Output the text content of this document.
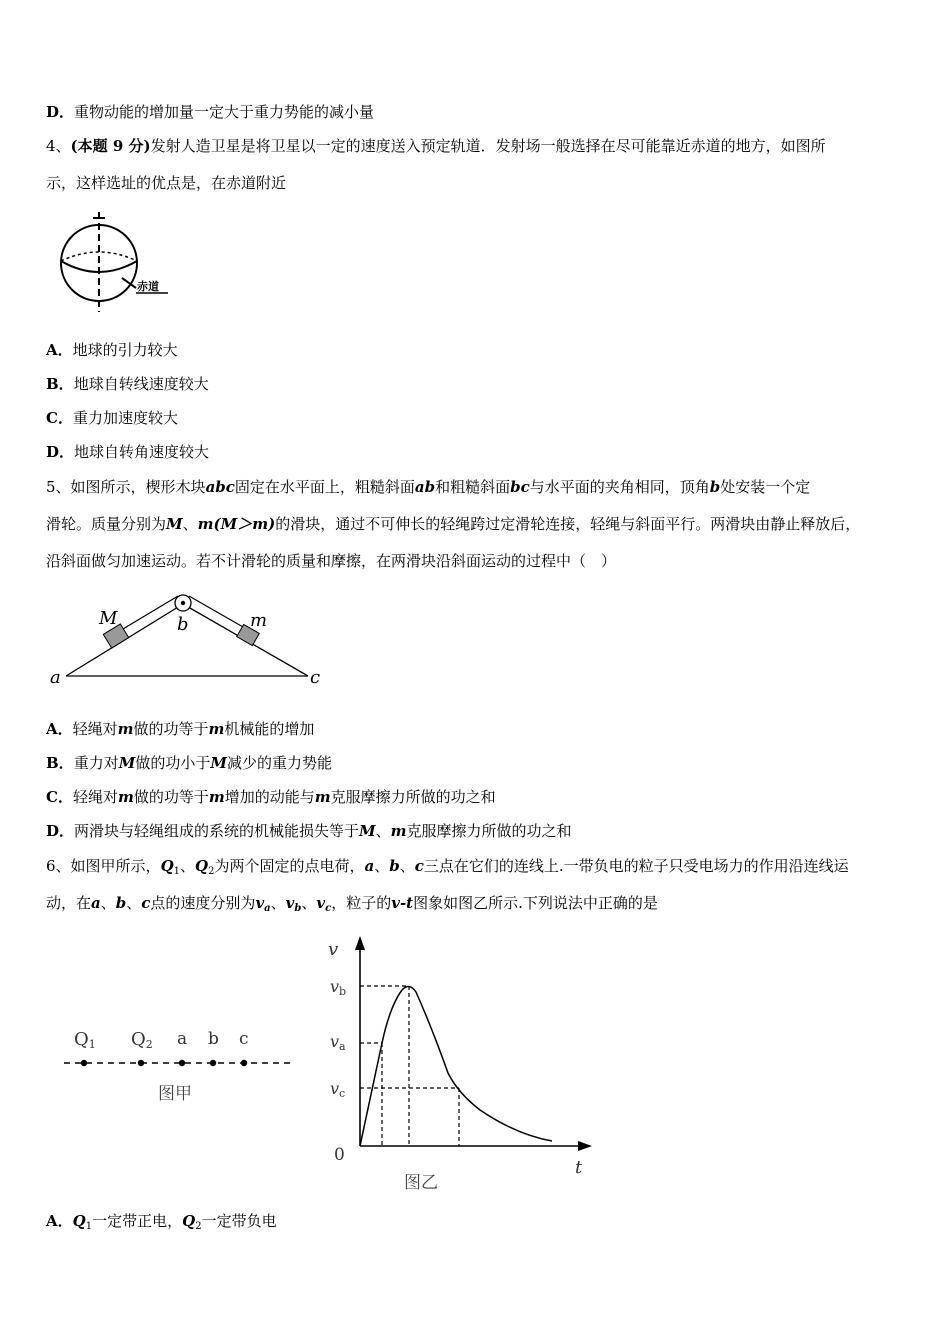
D．重物动能的增加量一定大于重力势能的减小量
4、(本题 9 分)发射人造卫星是将卫星以一定的速度送入预定轨道．发射场一般选择在尽可能靠近赤道的地方，如图所
示，这样选址的优点是，在赤道附近
赤道
A．地球的引力较大
B．地球自转线速度较大
C．重力加速度较大
D．地球自转角速度较大
5、如图所示，楔形木块abc固定在水平面上，粗糙斜面ab和粗糙斜面bc与水平面的夹角相同，顶角b处安装一个定
滑轮。质量分别为M、m(M＞m)的滑块，通过不可伸长的轻绳跨过定滑轮连接，轻绳与斜面平行。两滑块由静止释放后，
沿斜面做匀加速运动。若不计滑轮的质量和摩擦，在两滑块沿斜面运动的过程中（　）
M	b	m
a	c
A．轻绳对m做的功等于m机械能的增加
B．重力对M做的功小于M减少的重力势能
C．轻绳对m做的功等于m增加的动能与m克服摩擦力所做的功之和
D．两滑块与轻绳组成的系统的机械能损失等于M、m克服摩擦力所做的功之和
6、如图甲所示，$Q_1$、$Q_2$为两个固定的点电荷，a、b、c三点在它们的连线上.一带负电的粒子只受电场力的作用沿连线运
动，在a、b、c点的速度分别为$v_a$、$v_b$、$v_c$，粒子的v-t图象如图乙所示.下列说法中正确的是
Q1 Q2 a b c
图甲
v
vb
va
vc
0
t
图乙
A．$Q_1$一定带正电，$Q_2$一定带负电
